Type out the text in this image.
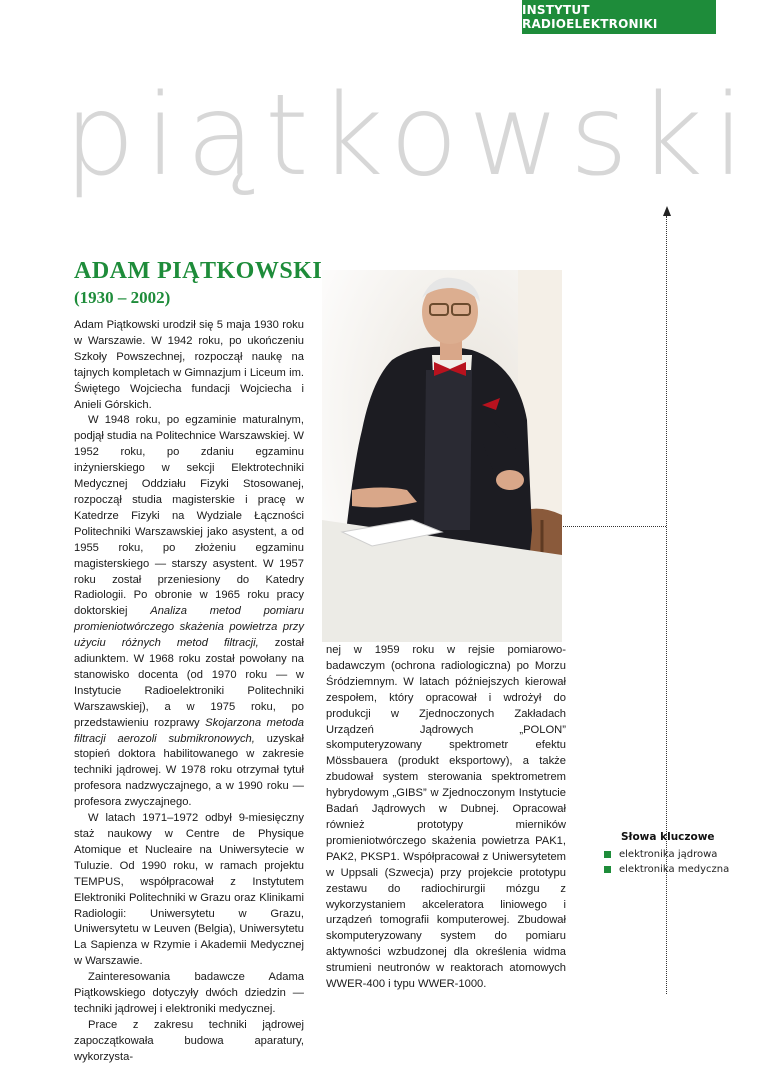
INSTYTUT RADIOELEKTRONIKI
piątkowski
ADAM PIĄTKOWSKI
(1930 – 2002)

Adam Piątkowski urodził się 5 maja 1930 roku w Warszawie. W 1942 roku, po ukończeniu Szkoły Powszechnej, rozpoczął naukę na tajnych kompletach w Gimnazjum i Liceum im. Świętego Wojciecha fundacji Wojciecha i Anieli Górskich.

W 1948 roku, po egzaminie maturalnym, podjął studia na Politechnice Warszawskiej. W 1952 roku, po zdaniu egzaminu inżynierskiego w sekcji Elektrotechniki Medycznej Oddziału Fizyki Stosowanej, rozpoczął studia magisterskie i pracę w Katedrze Fizyki na Wydziale Łączności Politechniki Warszawskiej jako asystent, a od 1955 roku, po złożeniu egzaminu magisterskiego — starszy asystent. W 1957 roku został przeniesiony do Katedry Radiologii. Po obronie w 1965 roku pracy doktorskiej Analiza metod pomiaru promieniotwórczego skażenia powietrza przy użyciu różnych metod filtracji, został adiunktem. W 1968 roku został powołany na stanowisko docenta (od 1970 roku — w Instytucie Radioelektroniki Politechniki Warszawskiej), a w 1975 roku, po przedstawieniu rozprawy Skojarzona metoda filtracji aerozoli submikronowych, uzyskał stopień doktora habilitowanego w zakresie techniki jądrowej. W 1978 roku otrzymał tytuł profesora nadzwyczajnego, a w 1990 roku — profesora zwyczajnego.

W latach 1971–1972 odbył 9-miesięczny staż naukowy w Centre de Physique Atomique et Nucleaire na Uniwersytecie w Tuluzie. Od 1990 roku, w ramach projektu TEMPUS, współpracował z Instytutem Elektroniki Politechniki w Grazu oraz Klinikami Radiologii: Uniwersytetu w Grazu, Uniwersytetu w Leuven (Belgia), Uniwersytetu La Sapienza w Rzymie i Akademii Medycznej w Warszawie.

Zainteresowania badawcze Adama Piątkowskiego dotyczyły dwóch dziedzin — techniki jądrowej i elektroniki medycznej.

Prace z zakresu techniki jądrowej zapoczątkowała budowa aparatury, wykorzysta-

nej w 1959 roku w rejsie pomiarowo-badawczym (ochrona radiologiczna) po Morzu Śródziemnym. W latach późniejszych kierował zespołem, który opracował i wdrożył do produkcji w Zjednoczonych Zakładach Urządzeń Jądrowych „POLON” skomputeryzowany spektrometr efektu Mössbauera (produkt eksportowy), a także zbudował system sterowania spektrometrem hybrydowym „GIBS” w Zjednoczonym Instytucie Badań Jądrowych w Dubnej. Opracował również prototypy mierników promieniotwórczego skażenia powietrza PAK1, PAK2, PKSP1. Współpracował z Uniwersytetem w Uppsali (Szwecja) przy projekcie prototypu zestawu do radiochirurgii mózgu z wykorzystaniem akceleratora liniowego i urządzeń tomografii komputerowej. Zbudował skomputeryzowany system do pomiaru aktywności wzbudzonej dla określenia widma strumieni neutronów w reaktorach atomowych WWER-400 i typu WWER-1000.

Słowa kluczowe
elektronika jądrowa
elektronika medyczna
